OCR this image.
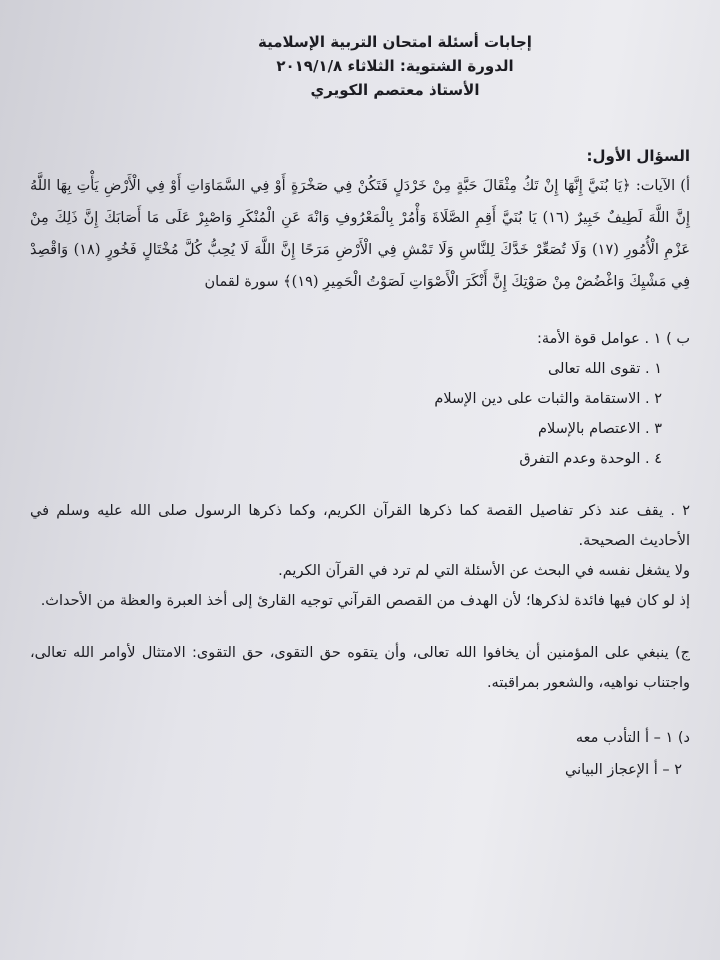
إجابات أسئلة امتحان التربية الإسلامية
الدورة الشتوية: الثلاثاء ٢٠١٩/١/٨
الأستاذ معتصم الكويري
السؤال الأول:
أ) الآيات: ﴿يَا بُنَيَّ إِنَّهَا إِنْ تَكُ مِثْقَالَ حَبَّةٍ مِنْ خَرْدَلٍ فَتَكُنْ فِي صَخْرَةٍ أَوْ فِي السَّمَاوَاتِ أَوْ فِي الْأَرْضِ يَأْتِ بِهَا اللَّهُ إِنَّ اللَّهَ لَطِيفٌ خَبِيرٌ (١٦) يَا بُنَيَّ أَقِمِ الصَّلَاةَ وَأْمُرْ بِالْمَعْرُوفِ وَانْهَ عَنِ الْمُنْكَرِ وَاصْبِرْ عَلَى مَا أَصَابَكَ إِنَّ ذَلِكَ مِنْ عَزْمِ الْأُمُورِ (١٧) وَلَا تُصَعِّرْ خَدَّكَ لِلنَّاسِ وَلَا تَمْشِ فِي الْأَرْضِ مَرَحًا إِنَّ اللَّهَ لَا يُحِبُّ كُلَّ مُخْتَالٍ فَخُورٍ (١٨) وَاقْصِدْ فِي مَشْيِكَ وَاغْضُضْ مِنْ صَوْتِكَ إِنَّ أَنْكَرَ الْأَصْوَاتِ لَصَوْتُ الْحَمِيرِ (١٩)﴾ سورة لقمان
ب ) ١ . عوامل قوة الأمة:
١ . تقوى الله تعالى
٢ . الاستقامة والثبات على دين الإسلام
٣ . الاعتصام بالإسلام
٤ . الوحدة وعدم التفرق
٢ . يقف عند ذكر تفاصيل القصة كما ذكرها القرآن الكريم، وكما ذكرها الرسول صلى الله عليه وسلم في الأحاديث الصحيحة.
ولا يشغل نفسه في البحث عن الأسئلة التي لم ترد في القرآن الكريم.
إذ لو كان فيها فائدة لذكرها؛ لأن الهدف من القصص القرآني توجيه القارئ إلى أخذ العبرة والعظة من الأحداث.
ج) ينبغي على المؤمنين أن يخافوا الله تعالى، وأن يتقوه حق التقوى، حق التقوى: الامتثال لأوامر الله تعالى، واجتناب نواهيه، والشعور بمراقبته.
د) ١ – أ التأدب معه
٢ – أ الإعجاز البياني
